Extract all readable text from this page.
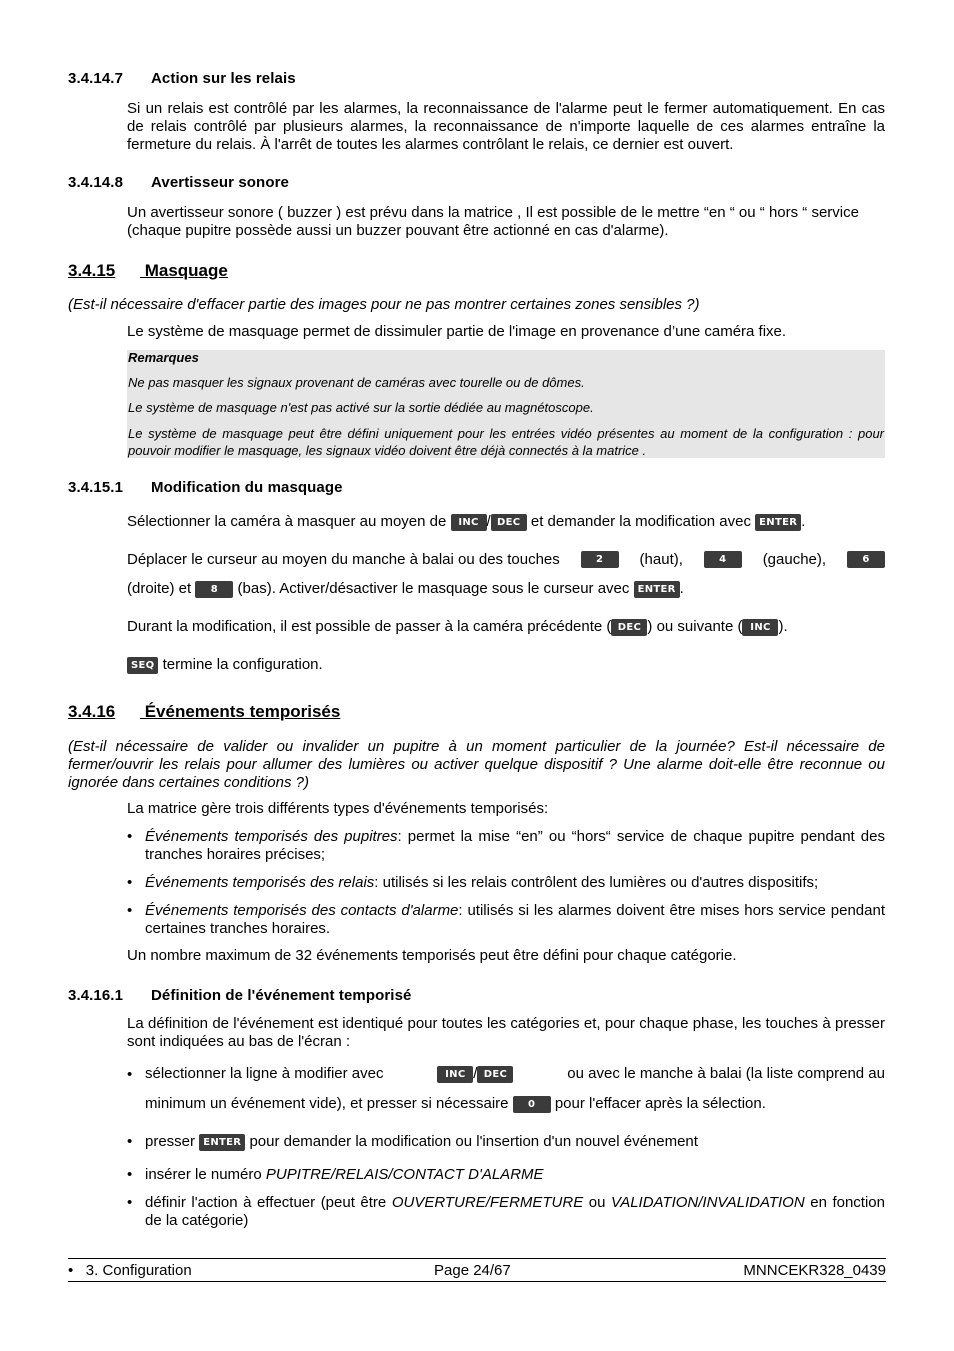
3.4.14.7 Action sur les relais
Si un relais est contrôlé par les alarmes, la reconnaissance de l'alarme peut le fermer automatiquement. En cas de relais contrôlé par plusieurs alarmes, la reconnaissance de n'importe laquelle de ces alarmes entraîne la fermeture du relais. À l'arrêt de toutes les alarmes contrôlant le relais, ce dernier est ouvert.
3.4.14.8 Avertisseur sonore
Un avertisseur sonore ( buzzer ) est prévu dans la matrice , Il est possible de le mettre “en “ ou “ hors “ service (chaque pupitre possède aussi un buzzer pouvant être actionné en cas d'alarme).
3.4.15 Masquage
(Est-il nécessaire d'effacer partie des images pour ne pas montrer certaines zones sensibles ?)
Le système de masquage permet de dissimuler partie de l'image en provenance d’une caméra fixe.
Remarques
Ne pas masquer les signaux provenant de caméras avec tourelle ou de dômes.
Le système de masquage n'est pas activé sur la sortie dédiée au magnétoscope.
Le système de masquage peut être défini uniquement pour les entrées vidéo présentes au moment de la configuration : pour pouvoir modifier le masquage, les signaux vidéo doivent être déjà connectés à la matrice .
3.4.15.1 Modification du masquage
Sélectionner la caméra à masquer au moyen de INC / DEC et demander la modification avec ENTER .
Déplacer le curseur au moyen du manche à balai ou des touches	2	(haut),	4	(gauche),	6
(droite) et 8 (bas). Activer/désactiver le masquage sous le curseur avec ENTER .
Durant la modification, il est possible de passer à la caméra précédente ( DEC ) ou suivante ( INC ).
SEQ termine la configuration.
3.4.16 Événements temporisés
(Est-il nécessaire de valider ou invalider un pupitre à un moment particulier de la journée? Est-il nécessaire de fermer/ouvrir les relais pour allumer des lumières ou activer quelque dispositif ? Une alarme doit-elle être reconnue ou ignorée dans certaines conditions ?)
La matrice gère trois différents types d'événements temporisés:
• Événements temporisés des pupitres: permet la mise “en” ou “hors“ service de chaque pupitre pendant des tranches horaires précises;
• Événements temporisés des relais: utilisés si les relais contrôlent des lumières ou d'autres dispositifs;
• Événements temporisés des contacts d'alarme: utilisés si les alarmes doivent être mises hors service pendant certaines tranches horaires.
Un nombre maximum de 32 événements temporisés peut être défini pour chaque catégorie.
3.4.16.1 Définition de l'événement temporisé
La définition de l'événement est identiqué pour toutes les catégories et, pour chaque phase, les touches à presser sont indiquées au bas de l'écran :
• sélectionner la ligne à modifier avec	INC / DEC	ou avec le manche à balai (la liste comprend au
minimum un événement vide), et presser si nécessaire 0 pour l'effacer après la sélection.
• presser ENTER pour demander la modification ou l'insertion d'un nouvel événement
• insérer le numéro PUPITRE/RELAIS/CONTACT D'ALARME
• définir l'action à effectuer (peut être OUVERTURE/FERMETURE ou VALIDATION/INVALIDATION en fonction de la catégorie)
• 3. Configuration	Page 24/67	MNNCEKR328_0439
